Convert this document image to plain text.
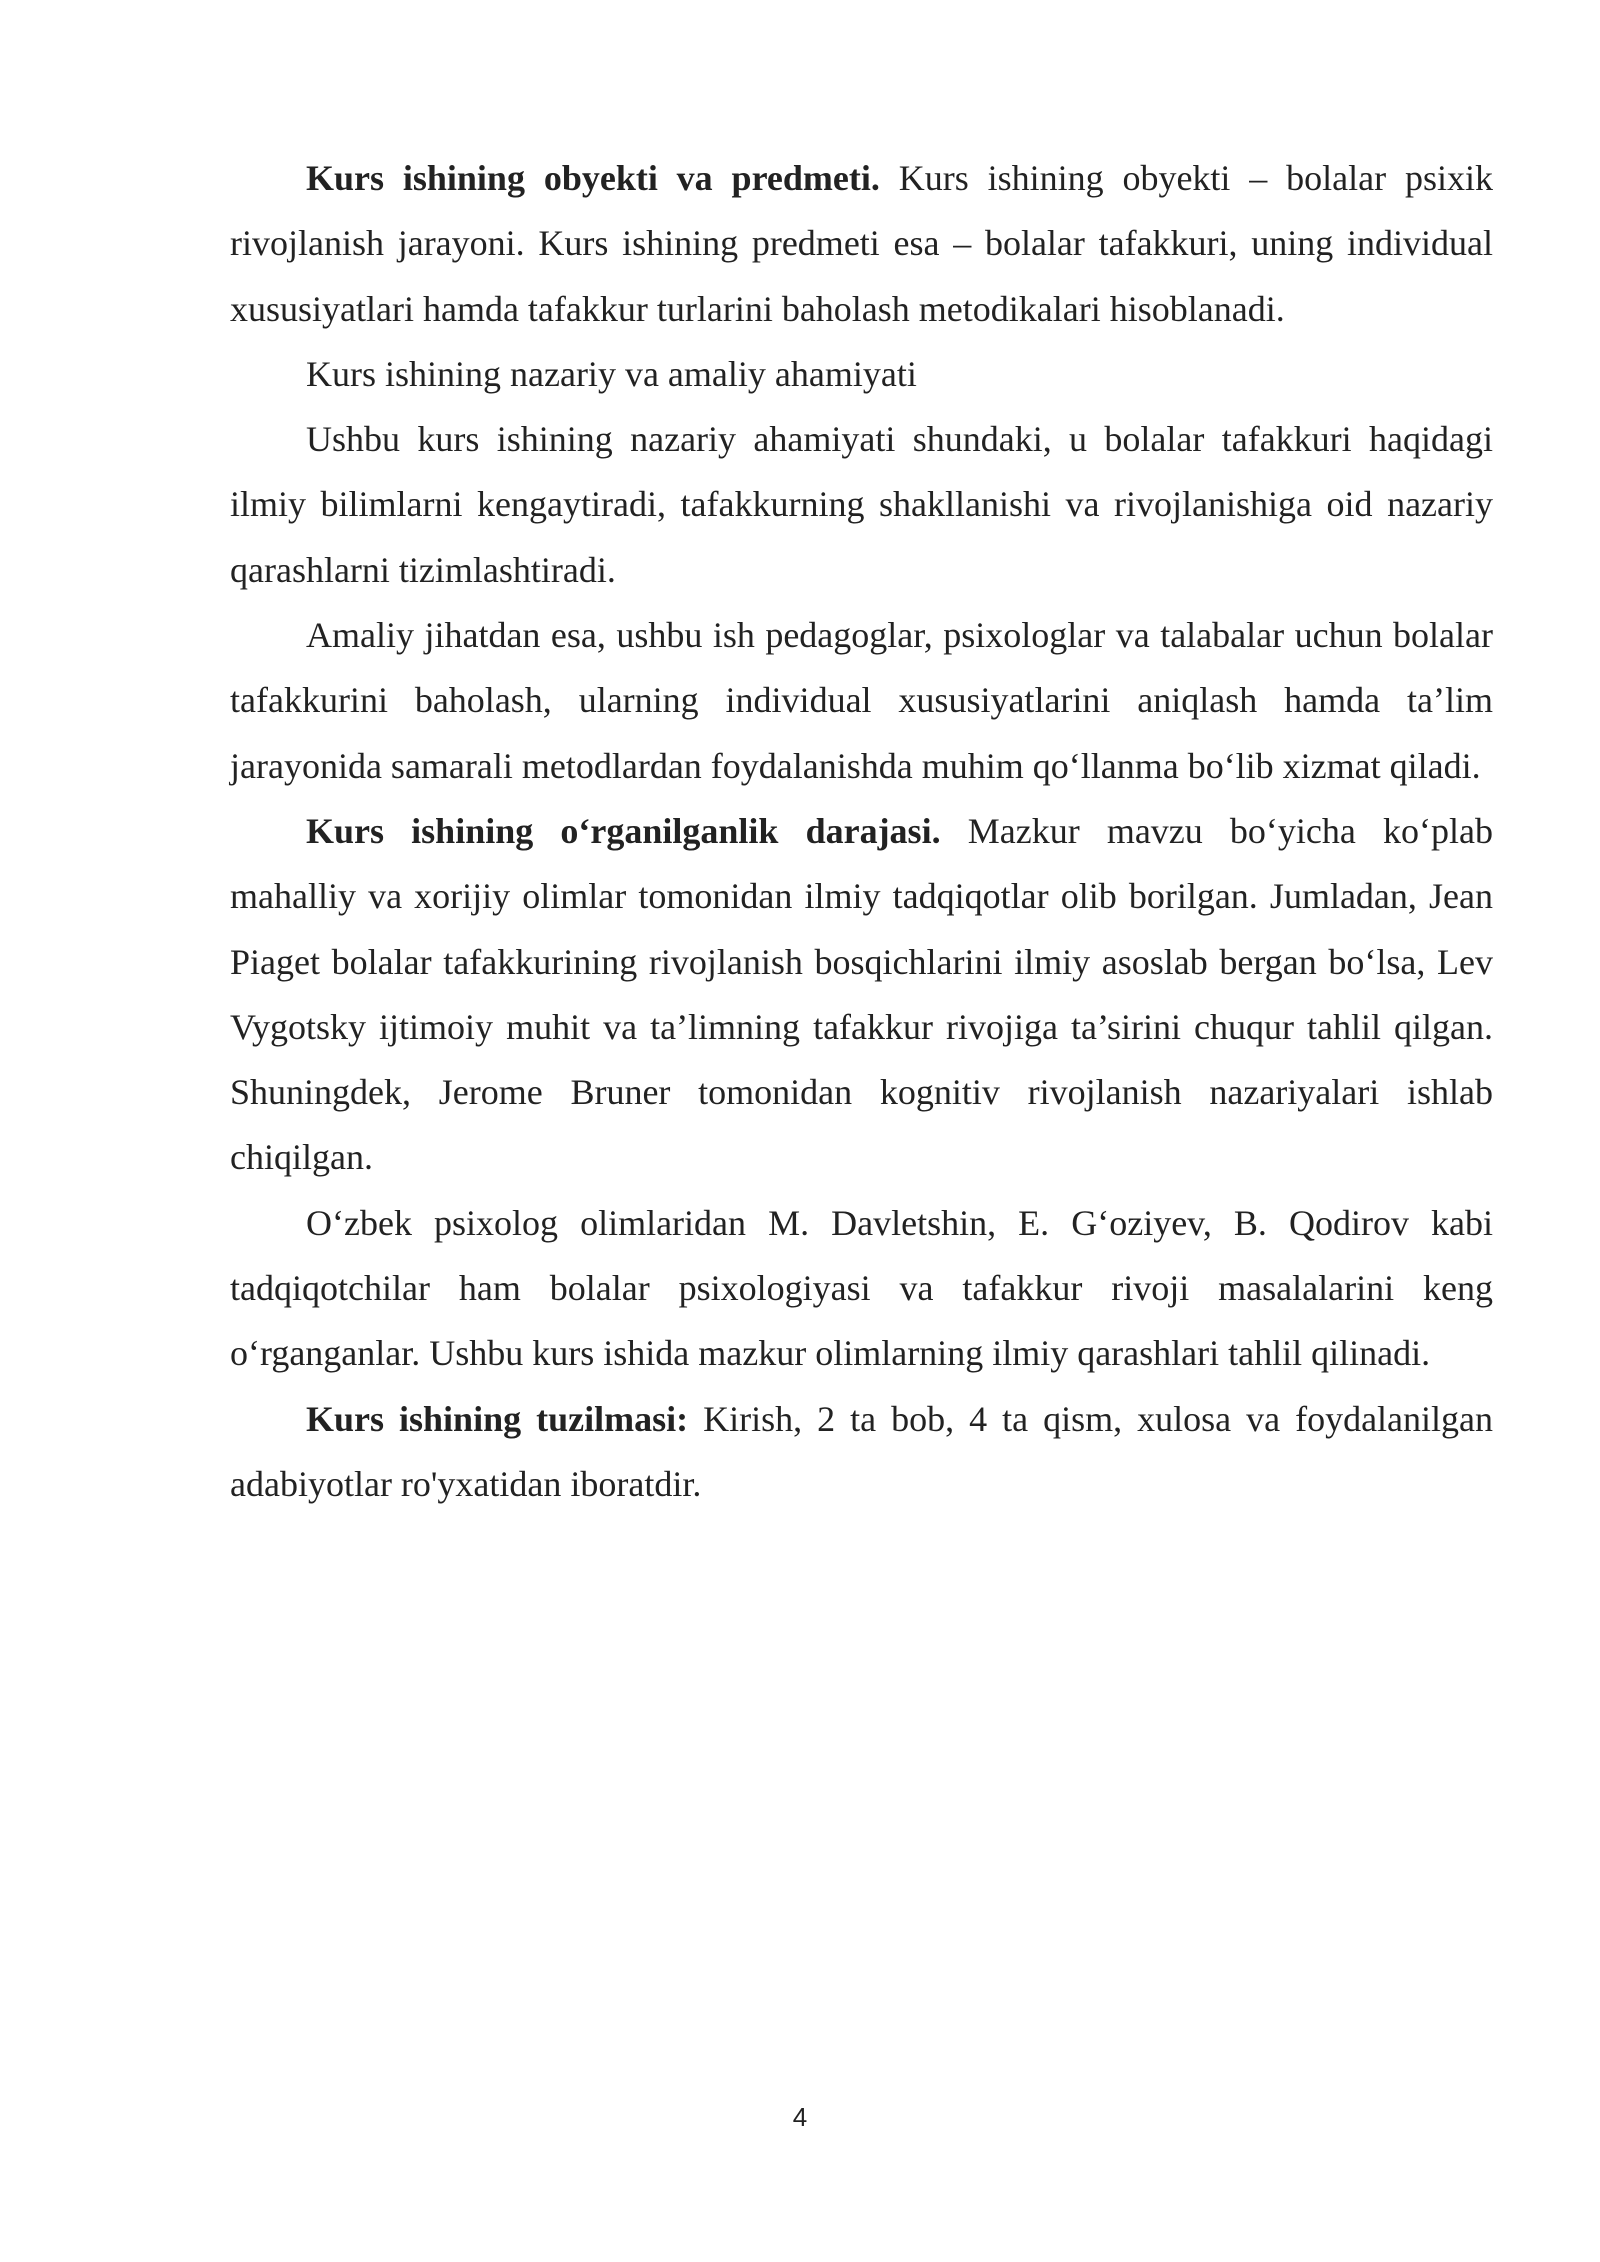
Kurs ishining obyekti va predmeti. Kurs ishining obyekti – bolalar psixik rivojlanish jarayoni. Kurs ishining predmeti esa – bolalar tafakkuri, uning individual xususiyatlari hamda tafakkur turlarini baholash metodikalari hisoblanadi.

Kurs ishining nazariy va amaliy ahamiyati

Ushbu kurs ishining nazariy ahamiyati shundaki, u bolalar tafakkuri haqidagi ilmiy bilimlarni kengaytiradi, tafakkurning shakllanishi va rivojlanishiga oid nazariy qarashlarni tizimlashtiradi.

Amaliy jihatdan esa, ushbu ish pedagoglar, psixologlar va talabalar uchun bolalar tafakkurini baholash, ularning individual xususiyatlarini aniqlash hamda ta’lim jarayonida samarali metodlardan foydalanishda muhim qo‘llanma bo‘lib xizmat qiladi.

Kurs ishining o‘rganilganlik darajasi. Mazkur mavzu bo‘yicha ko‘plab mahalliy va xorijiy olimlar tomonidan ilmiy tadqiqotlar olib borilgan. Jumladan, Jean Piaget bolalar tafakkurining rivojlanish bosqichlarini ilmiy asoslab bergan bo‘lsa, Lev Vygotsky ijtimoiy muhit va ta’limning tafakkur rivojiga ta’sirini chuqur tahlil qilgan. Shuningdek, Jerome Bruner tomonidan kognitiv rivojlanish nazariyalari ishlab chiqilgan.

O‘zbek psixolog olimlaridan M. Davletshin, E. G‘oziyev, B. Qodirov kabi tadqiqotchilar ham bolalar psixologiyasi va tafakkur rivoji masalalarini keng o‘rganganlar. Ushbu kurs ishida mazkur olimlarning ilmiy qarashlari tahlil qilinadi.

Kurs ishining tuzilmasi: Kirish, 2 ta bob, 4 ta qism, xulosa va foydalanilgan adabiyotlar ro'yxatidan iboratdir.

4
